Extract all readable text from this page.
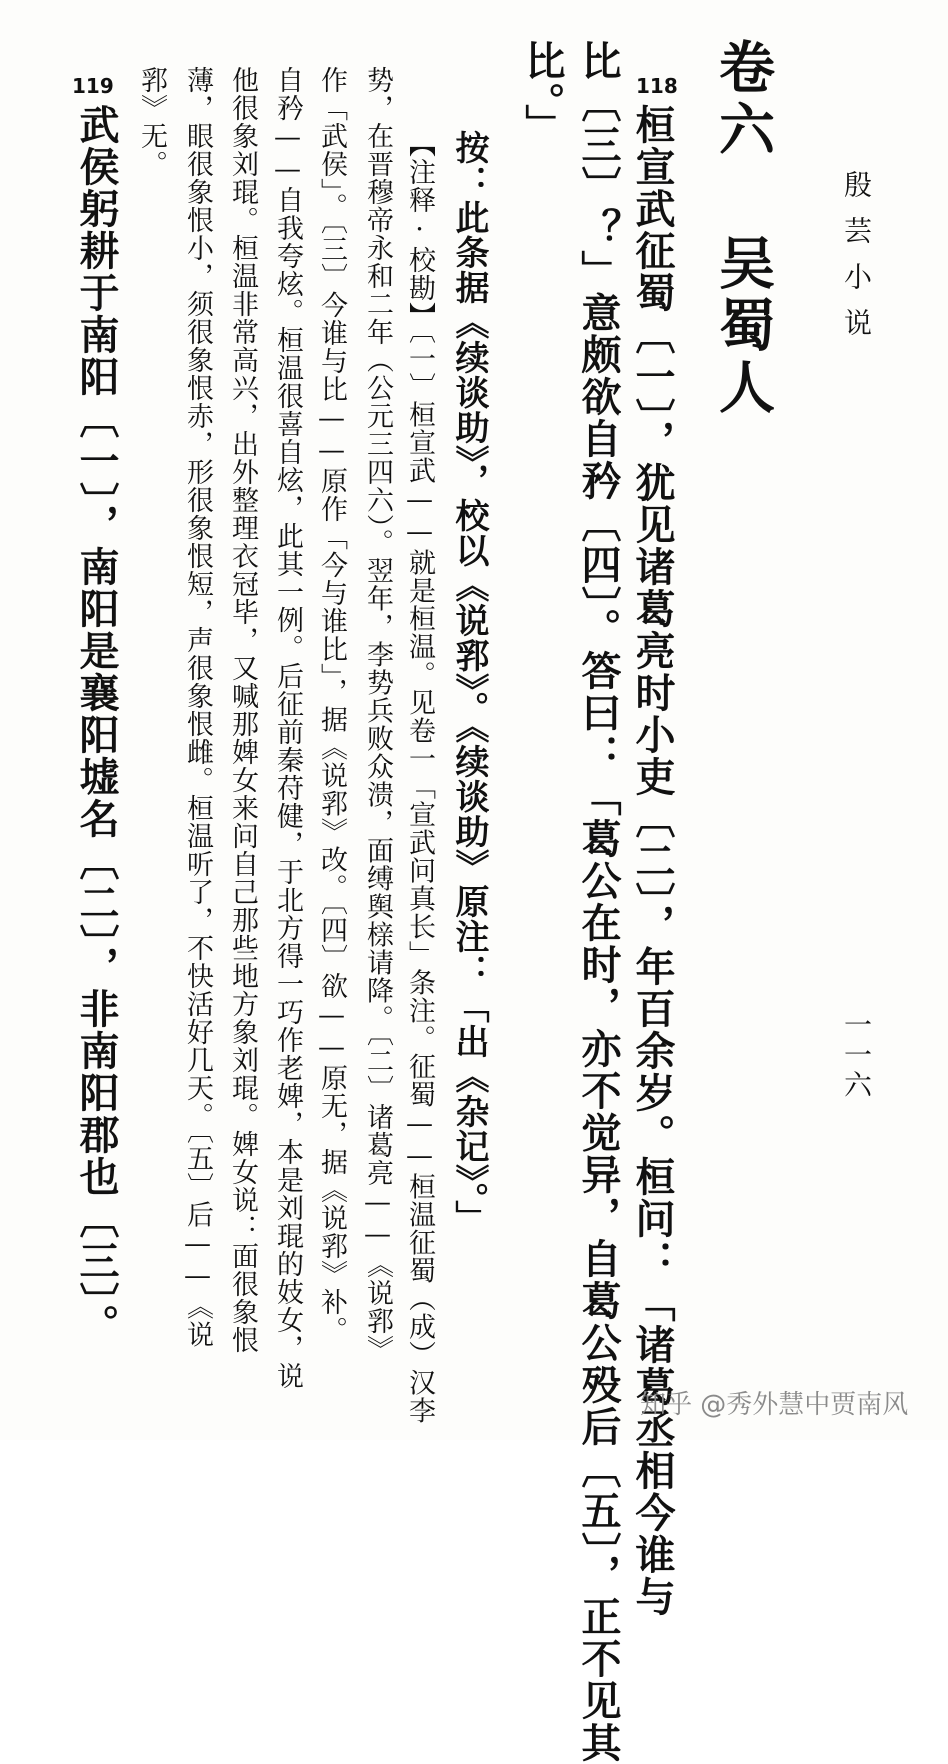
殷芸小说
一一六
卷六 吴蜀人
118
桓宣武征蜀〔一〕，犹见诸葛亮时小吏〔二〕，年百余岁。桓问：「诸葛丞相今谁与
比〔三〕？」意颇欲自矜〔四〕。答曰：「葛公在时，亦不觉异，自葛公殁后〔五〕，正不见其
比。」
按：此条据《续谈助》，校以《说郛》。《续谈助》原注：「出《杂记》。」
【注释·校勘】〔一〕桓宣武——就是桓温。见卷一「宣武问真长」条注。征蜀——桓温征蜀（成）汉李
势，在晋穆帝永和二年（公元三四六）。翌年，李势兵败众溃，面缚舆榇请降。〔二〕诸葛亮——《说郛》
作「武侯」。〔三〕今谁与比——原作「今与谁比」，据《说郛》改。〔四〕欲——原无，据《说郛》补。
自矜——自我夸炫。桓温很喜自炫，此其一例。后征前秦苻健，于北方得一巧作老婢，本是刘琨的妓女，说
他很象刘琨。桓温非常高兴，出外整理衣冠毕，又喊那婢女来问自己那些地方象刘琨。婢女说：面很象恨
薄，眼很象恨小，须很象恨赤，形很象恨短，声很象恨雌。桓温听了，不快活好几天。〔五〕后——《说
郛》无。
119
武侯躬耕于南阳〔一〕，南阳是襄阳墟名〔二〕，非南阳郡也〔三〕。
知乎 @秀外慧中贾南风
